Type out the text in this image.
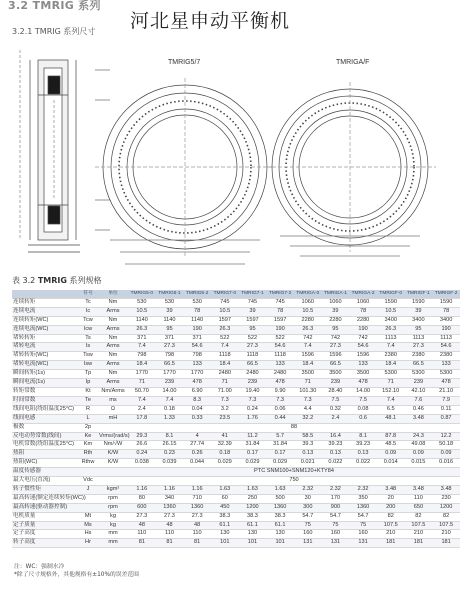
3.2 TMRIG 系列
3.2.1 TMRIG 系列尺寸 河北星申动平衡机
TMRIG5/7	TMRIGA/F
表 3.2 TMRIG 系列规格
	符号	单位	TMRIG5·0	TMRIG5·1	TMRIG5·2	TMRIG7·0	TMRIG7·1	TMRIG7·2	TMRIGA·0	TMRIGA·1	TMRIGA·2	TMRIGF·0	TMRIGF·1	TMRIGF·2
连续转矩	Tc	Nm	530	530	530	745	745	745	1060	1060	1060	1590	1590	1590
连续电流	Ic	Arms	10.5	39	78	10.5	39	78	10.5	39	78	10.5	39	78
连续转矩(WC)	Tcw	Nm	1140	1140	1140	1597	1597	1597	2280	2280	2280	3400	3400	3400
连续电流(WC)	Icw	Arms	26.3	95	190	26.3	95	190	26.3	95	190	26.3	95	190
堵转转矩	Ts	Nm	371	371	371	522	522	522	742	742	742	1113	1113	1113
堵转电流	Is	Arms	7.4	27.3	54.6	7.4	27.3	54.6	7.4	27.3	54.6	7.4	27.3	54.6
堵转转矩(WC)	Tsw	Nm	798	798	798	1118	1118	1118	1596	1596	1596	2380	2380	2380
堵转电流(WC)	Isw	Arms	18.4	66.5	133	18.4	66.5	133	18.4	66.5	133	18.4	66.5	133
瞬间转矩(1s)	Tp	Nm	1770	1770	1770	2480	2480	2480	3500	3500	3500	5300	5300	5300
瞬间电流(1s)	Ip	Arms	71	239	478	71	239	478	71	239	478	71	239	478
转矩常数	Kt	Nm/Arms	50.70	14.00	6.90	71.00	19.40	9.90	101.30	28.40	14.00	152.10	42.10	21.10
时间常数	Te	ms	7.4	7.4	8.3	7.3	7.3	7.3	7.3	7.5	7.5	7.4	7.6	7.9
线间电阻(绕组温度25°C)	R	Ω	2.4	0.18	0.04	3.2	0.24	0.06	4.4	0.32	0.08	6.5	0.46	0.11
线间电感	L	mH	17.8	1.33	0.33	23.5	1.76	0.44	32.2	2.4	0.6	48.1	3.48	0.87
极数	2p		88											
反电动势常数(线间)	Ke	Vrms/(rad/s)	29.3	8.1	4	41	11.2	5.7	58.5	16.4	8.1	87.8	24.3	12.2
电机常数(绕组温度25°C)	Km	Nm/√W	26.6	26.15	27.74	32.39	31.84	31.84	39.3	39.23	39.23	48.5	49.08	50.18
热阻	Rth	K/W	0.24	0.23	0.26	0.18	0.17	0.17	0.13	0.13	0.13	0.09	0.09	0.09
热阻(WC)	Rthw	K/W	0.038	0.039	0.044	0.029	0.029	0.029	0.021	0.022	0.022	0.014	0.015	0.016
温度传感器			PTC SNM100+SNM120+KTY84											
最大电压(直流)	Vdc		750											
转子惯性矩	J	kgm²	1.16	1.16	1.16	1.63	1.63	1.63	2.32	2.32	2.32	3.48	3.48	3.48
最高转速(额定连续转矩(WC))		rpm	80	340	710	60	250	500	30	170	350	20	110	230
最高转速(驱动器控制)		rpm	600	1360	1360	450	1200	1360	300	900	1360	200	650	1200
电机质量	Mt	kg	27.3	27.3	27.3	38.3	38.3	38.3	54.7	54.7	54.7	82	82	82
定子质量	Ms	kg	48	48	48	61.1	61.1	61.1	75	75	75	107.5	107.5	107.5
定子高度	Hs	mm	110	110	110	130	130	130	160	160	160	210	210	210
转子高度	Hr	mm	81	81	81	101	101	101	131	131	131	181	181	181
注：WC：强制水冷
*除了尺寸规格外，其他规格有±10%的误差范围
